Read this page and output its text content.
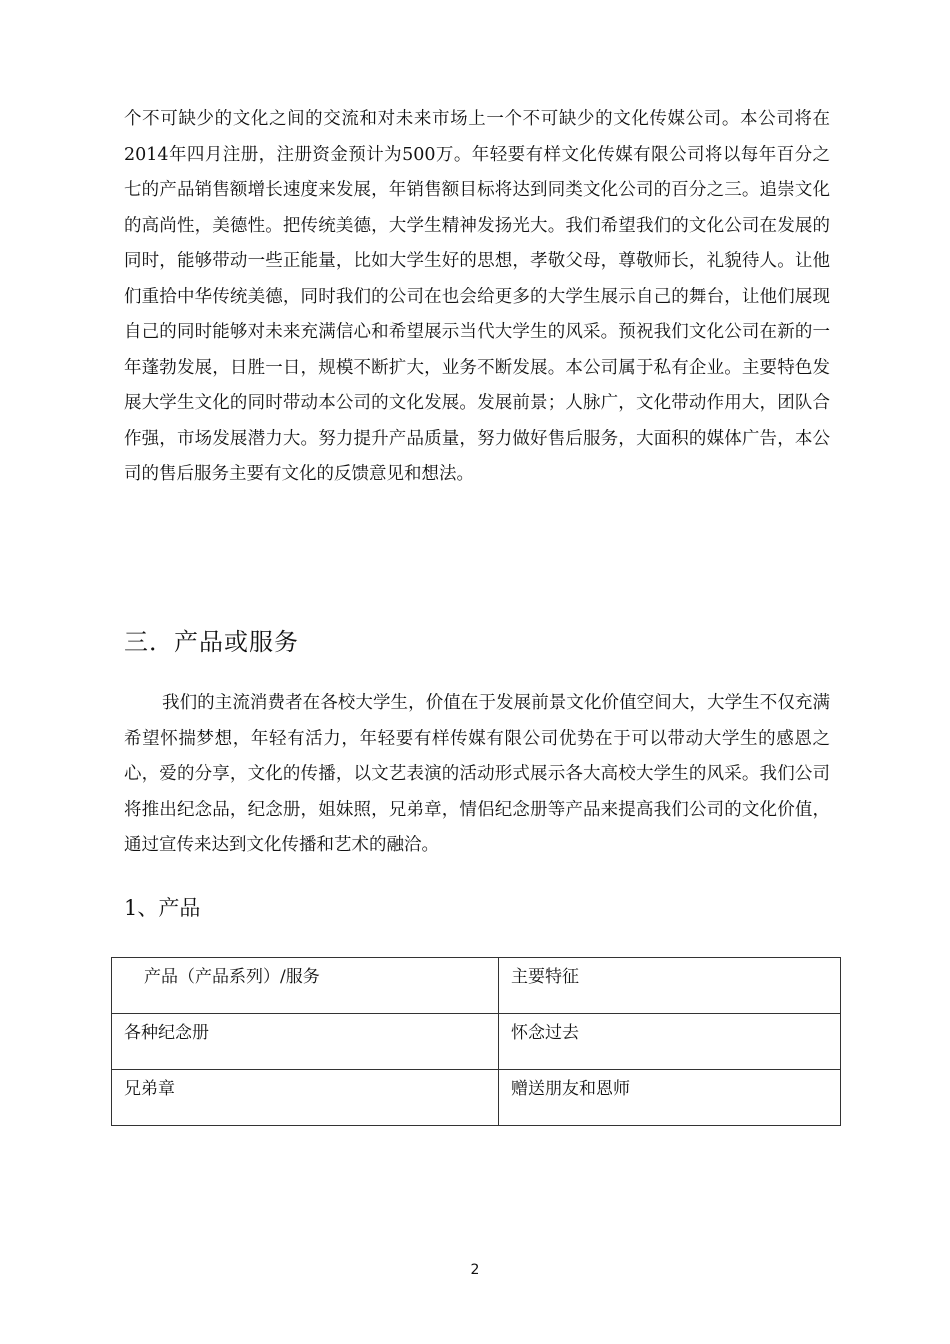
个不可缺少的文化之间的交流和对未来市场上一个不可缺少的文化传媒公司。本公司将在2014年四月注册，注册资金预计为500万。年轻要有样文化传媒有限公司将以每年百分之七的产品销售额增长速度来发展，年销售额目标将达到同类文化公司的百分之三。追崇文化的高尚性，美德性。把传统美德，大学生精神发扬光大。我们希望我们的文化公司在发展的同时，能够带动一些正能量，比如大学生好的思想，孝敬父母，尊敬师长，礼貌待人。让他们重拾中华传统美德，同时我们的公司在也会给更多的大学生展示自己的舞台，让他们展现自己的同时能够对未来充满信心和希望展示当代大学生的风采。预祝我们文化公司在新的一年蓬勃发展，日胜一日，规模不断扩大，业务不断发展。本公司属于私有企业。主要特色发展大学生文化的同时带动本公司的文化发展。发展前景；人脉广，文化带动作用大，团队合作强，市场发展潜力大。努力提升产品质量，努力做好售后服务，大面积的媒体广告，本公司的售后服务主要有文化的反馈意见和想法。

三．产品或服务

我们的主流消费者在各校大学生，价值在于发展前景文化价值空间大，大学生不仅充满希望怀揣梦想，年轻有活力，年轻要有样传媒有限公司优势在于可以带动大学生的感恩之心，爱的分享，文化的传播，以文艺表演的活动形式展示各大高校大学生的风采。我们公司将推出纪念品，纪念册，姐妹照，兄弟章，情侣纪念册等产品来提高我们公司的文化价值，通过宣传来达到文化传播和艺术的融洽。

1、产品
产品（产品系列）/服务	主要特征
各种纪念册	怀念过去
兄弟章	赠送朋友和恩师
2
